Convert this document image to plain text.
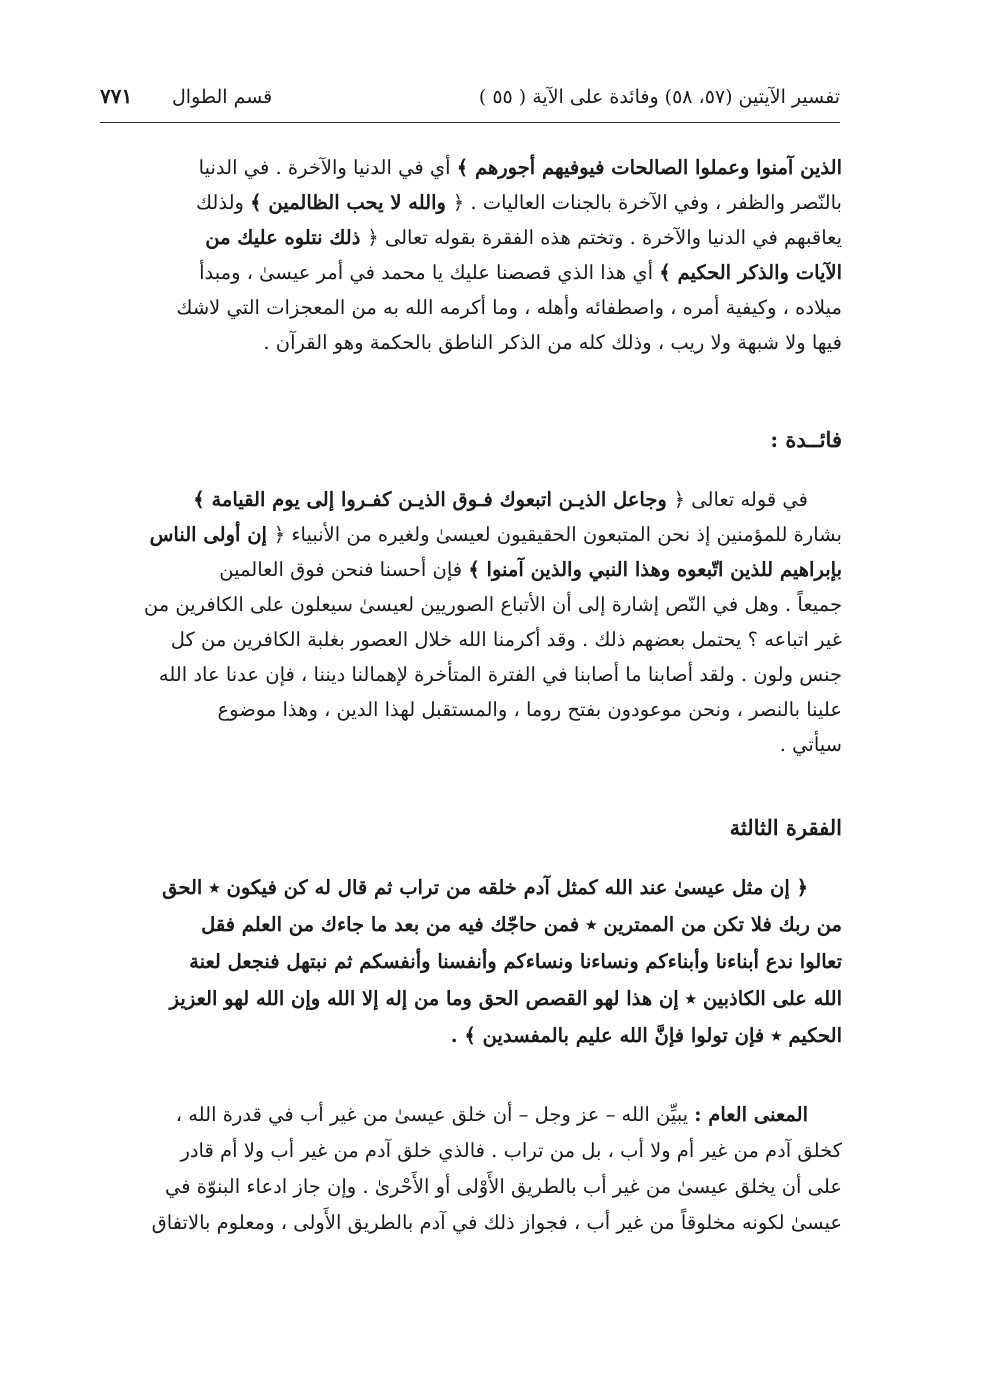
تفسير الآيتين (٥٧، ٥٨) وفائدة على الآية ( ٥٥ )
قسم الطوال
٧٧١
الذين آمنوا وعملوا الصالحات فيوفيهم أجورهم ﴾ أي في الدنيا والآخرة . في الدنيا
بالنّصر والظفر ، وفي الآخرة بالجنات العاليات . ﴿ والله لا يحب الظالمين ﴾ ولذلك
يعاقبهم في الدنيا والآخرة . وتختم هذه الفقرة بقوله تعالى ﴿ ذلك نتلوه عليك من
الآيات والذكر الحكيم ﴾ أي هذا الذي قصصنا عليك يا محمد في أمر عيسىٰ ، ومبدأ
ميلاده ، وكيفية أمره ، واصطفائه وأهله ، وما أكرمه الله به من المعجزات التي لاشك
فيها ولا شبهة ولا ريب ، وذلك كله من الذكر الناطق بالحكمة وهو القرآن .
فائــدة :
في قوله تعالى ﴿ وجاعل الذيـن اتبعوك فـوق الذيـن كفـروا إلى يوم القيامة ﴾
بشارة للمؤمنين إذ نحن المتبعون الحقيقيون لعيسىٰ ولغيره من الأنبياء ﴿ إن أولى الناس
بإبراهيم للذين اتّبعوه وهذا النبي والذين آمنوا ﴾ فإن أحسنا فنحن فوق العالمين
جميعاً . وهل في النّص إشارة إلى أن الأتباع الصوريين لعيسىٰ سيعلون على الكافرين من
غير اتباعه ؟ يحتمل بعضهم ذلك . وقد أكرمنا الله خلال العصور بغلبة الكافرين من كل
جنس ولون . ولقد أصابنا ما أصابنا في الفترة المتأخرة لإهمالنا ديننا ، فإن عدنا عاد الله
علينا بالنصر ، ونحن موعودون بفتح روما ، والمستقبل لهذا الدين ، وهذا موضوع
سيأتي .
الفقرة الثالثة
﴿ إن مثل عيسىٰ عند الله كمثل آدم خلقه من تراب ثم قال له كن فيكون ٭ الحق
من ربك فلا تكن من الممترين ٭ فمن حاجّك فيه من بعد ما جاءك من العلم فقل
تعالوا ندع أبناءنا وأبناءكم ونساءنا ونساءكم وأنفسنا وأنفسكم ثم نبتهل فنجعل لعنة
الله على الكاذبين ٭ إن هذا لهو القصص الحق وما من إله إلا الله وإن الله لهو العزيز
الحكيم ٭ فإن تولوا فإنَّ الله عليم بالمفسدين ﴾ .
المعنى العام : يبيِّن الله – عز وجل – أن خلق عيسىٰ من غير أب في قدرة الله ،
كخلق آدم من غير أم ولا أب ، بل من تراب . فالذي خلق آدم من غير أب ولا أم قادر
على أن يخلق عيسىٰ من غير أب بالطريق الأَوْلى أو الأَحْرىٰ . وإن جاز ادعاء البنوّة في
عيسىٰ لكونه مخلوقاً من غير أب ، فجواز ذلك في آدم بالطريق الأَولى ، ومعلوم بالاتفاق
